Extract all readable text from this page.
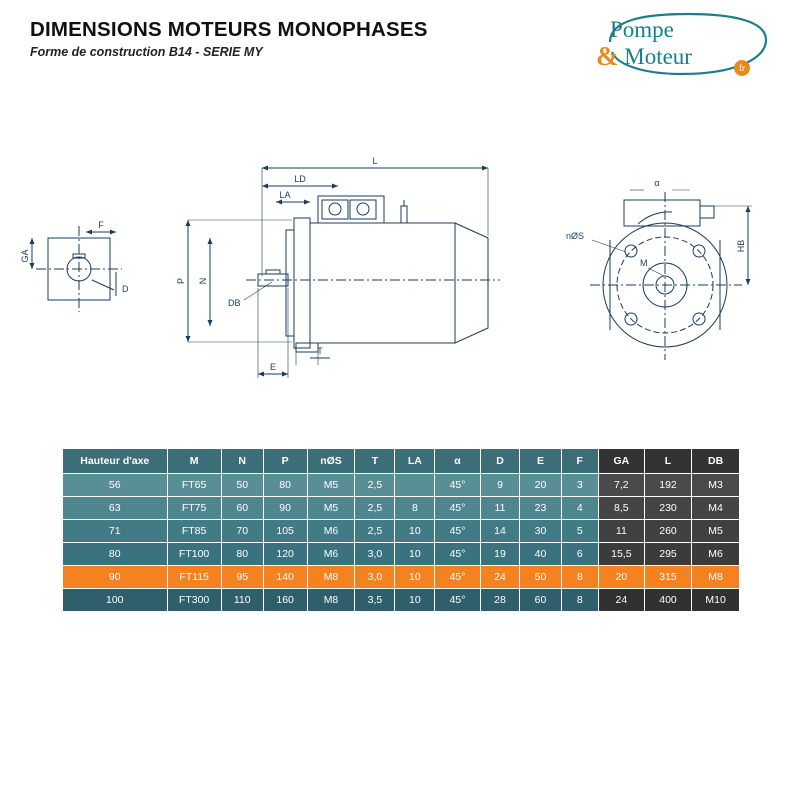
DIMENSIONS MOTEURS MONOPHASES
Forme de construction B14 - SERIE MY
Pompe
& Moteur	fr
GA
F
D
L
LD
LA
P N
DB
T
E
α
nØS
M
HB
Hauteur d'axe	M	N	P	nØS	T	LA	α	D	E	F	GA	L	DB
56	FT65	50	80	M5	2,5		45°	9	20	3	7,2	192	M3
63	FT75	60	90	M5	2,5	8	45°	11	23	4	8,5	230	M4
71	FT85	70	105	M6	2,5	10	45°	14	30	5	11	260	M5
80	FT100	80	120	M6	3,0	10	45°	19	40	6	15,5	295	M6
90	FT115	95	140	M8	3,0	10	45°	24	50	8	20	315	M8
100	FT300	110	160	M8	3,5	10	45°	28	60	8	24	400	M10
